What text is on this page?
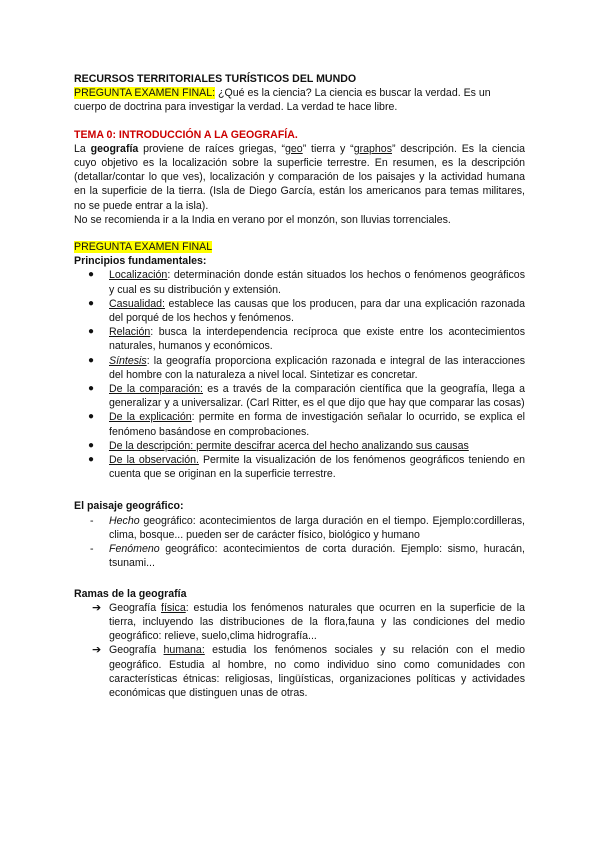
RECURSOS TERRITORIALES TURÍSTICOS DEL MUNDO

PREGUNTA EXAMEN FINAL: ¿Qué es la ciencia? La ciencia es buscar la verdad. Es un cuerpo de doctrina para investigar la verdad. La verdad te hace libre.

TEMA 0: INTRODUCCIÓN A LA GEOGRAFÍA.

La geografía proviene de raíces griegas, “geo” tierra y “graphos” descripción. Es la ciencia cuyo objetivo es la localización sobre la superficie terrestre. En resumen, es la descripción (detallar/contar lo que ves), localización y comparación de los paisajes y la actividad humana en la superficie de la tierra. (Isla de Diego García, están los americanos para temas militares, no se puede entrar a la isla).

No se recomienda ir a la India en verano por el monzón, son lluvias torrenciales.

PREGUNTA EXAMEN FINAL

Principios fundamentales:

● Localización: determinación donde están situados los hechos o fenómenos geográficos y cual es su distribución y extensión.
● Casualidad: establece las causas que los producen, para dar una explicación razonada del porqué de los hechos y fenómenos.
● Relación: busca la interdependencia recíproca que existe entre los acontecimientos naturales, humanos y económicos.
● Síntesis: la geografía proporciona explicación razonada e integral de las interacciones del hombre con la naturaleza a nivel local. Sintetizar es concretar.
● De la comparación: es a través de la comparación científica que la geografía, llega a generalizar y a universalizar. (Carl Ritter, es el que dijo que hay que comparar las cosas)
● De la explicación: permite en forma de investigación señalar lo ocurrido, se explica el fenómeno basándose en comprobaciones.
● De la descripción: permite descifrar acerca del hecho analizando sus causas
● De la observación. Permite la visualización de los fenómenos geográficos teniendo en cuenta que se originan en la superficie terrestre.

El paisaje geográfico:

- Hecho geográfico: acontecimientos de larga duración en el tiempo. Ejemplo:cordilleras, clima, bosque... pueden ser de carácter físico, biológico y humano
- Fenómeno geográfico: acontecimientos de corta duración. Ejemplo: sismo, huracán, tsunami...

Ramas de la geografía

➔ Geografía física: estudia los fenómenos naturales que ocurren en la superficie de la tierra, incluyendo las distribuciones de la flora,fauna y las condiciones del medio geográfico: relieve, suelo,clima hidrografía...
➔ Geografía humana: estudia los fenómenos sociales y su relación con el medio geográfico. Estudia al hombre, no como individuo sino como comunidades con características étnicas: religiosas, lingüísticas, organizaciones políticas y actividades económicas que distinguen unas de otras.
